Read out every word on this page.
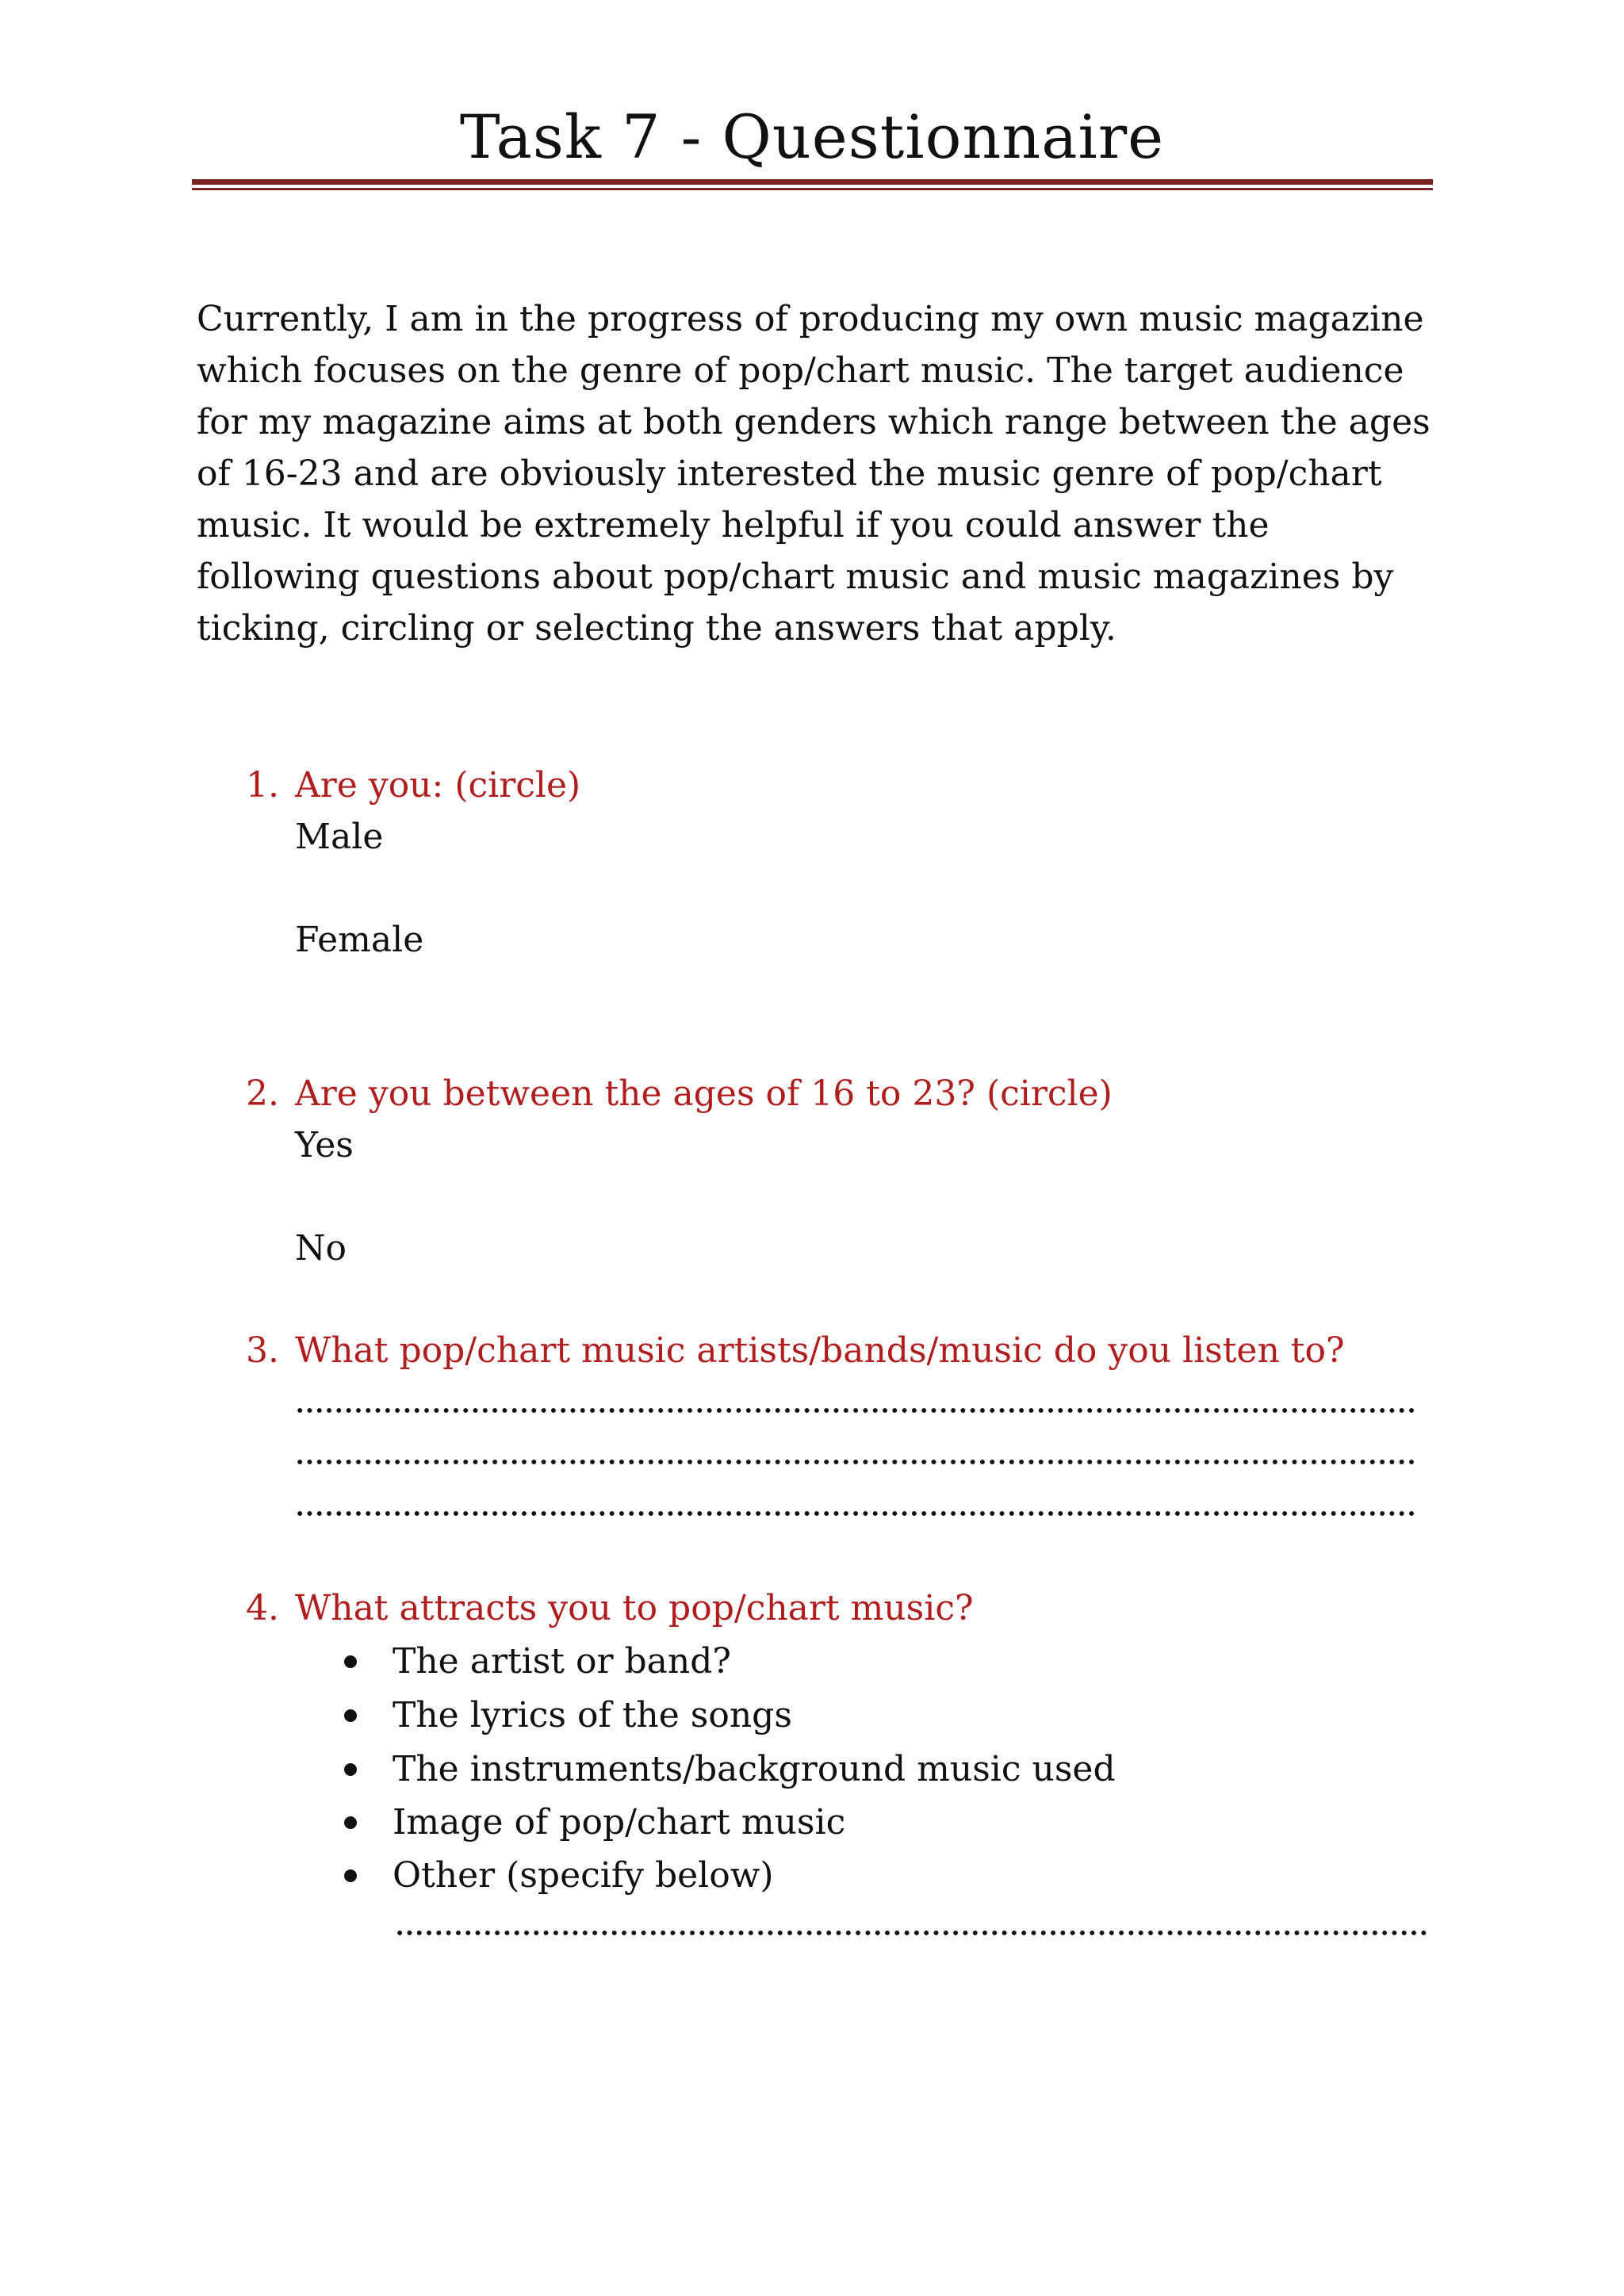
Task 7 - Questionnaire

Currently, I am in the progress of producing my own music magazine which focuses on the genre of pop/chart music. The target audience for my magazine aims at both genders which range between the ages of 16-23 and are obviously interested the music genre of pop/chart music. It would be extremely helpful if you could answer the following questions about pop/chart music and music magazines by ticking, circling or selecting the answers that apply.

1. Are you: (circle)
Male
Female
2. Are you between the ages of 16 to 23? (circle)
Yes
No
3. What pop/chart music artists/bands/music do you listen to?
4. What attracts you to pop/chart music?
The artist or band?
The lyrics of the songs
The instruments/background music used
Image of pop/chart music
Other (specify below)
